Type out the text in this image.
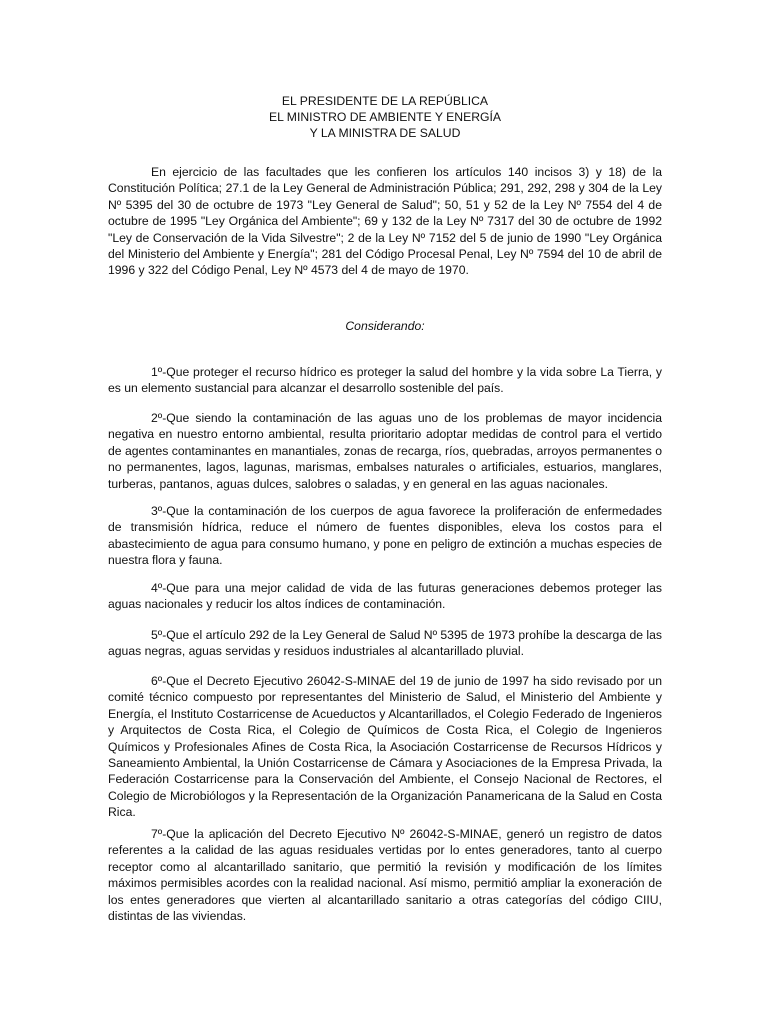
EL PRESIDENTE DE LA REPÚBLICA
EL MINISTRO DE AMBIENTE Y ENERGÍA
Y LA MINISTRA DE SALUD

En ejercicio de las facultades que les confieren los artículos 140 incisos 3) y 18) de la Constitución Política; 27.1 de la Ley General de Administración Pública; 291, 292, 298 y 304 de la Ley Nº 5395 del 30 de octubre de 1973 "Ley General de Salud"; 50, 51 y 52 de la Ley Nº 7554 del 4 de octubre de 1995 "Ley Orgánica del Ambiente"; 69 y 132 de la Ley Nº 7317 del 30 de octubre de 1992 "Ley de Conservación de la Vida Silvestre"; 2 de la Ley Nº 7152 del 5 de junio de 1990 "Ley Orgánica del Ministerio del Ambiente y Energía"; 281 del Código Procesal Penal, Ley Nº 7594 del 10 de abril de 1996 y 322 del Código Penal, Ley Nº 4573 del 4 de mayo de 1970.

Considerando:

1º-Que proteger el recurso hídrico es proteger la salud del hombre y la vida sobre La Tierra, y es un elemento sustancial para alcanzar el desarrollo sostenible del país.

2º-Que siendo la contaminación de las aguas uno de los problemas de mayor incidencia negativa en nuestro entorno ambiental, resulta prioritario adoptar medidas de control para el vertido de agentes contaminantes en manantiales, zonas de recarga, ríos, quebradas, arroyos permanentes o no permanentes, lagos, lagunas, marismas, embalses naturales o artificiales, estuarios, manglares, turberas, pantanos, aguas dulces, salobres o saladas, y en general en las aguas nacionales.

3º-Que la contaminación de los cuerpos de agua favorece la proliferación de enfermedades de transmisión hídrica, reduce el número de fuentes disponibles, eleva los costos para el abastecimiento de agua para consumo humano, y pone en peligro de extinción a muchas especies de nuestra flora y fauna.

4º-Que para una mejor calidad de vida de las futuras generaciones debemos proteger las aguas nacionales y reducir los altos índices de contaminación.

5º-Que el artículo 292 de la Ley General de Salud Nº 5395 de 1973 prohíbe la descarga de las aguas negras, aguas servidas y residuos industriales al alcantarillado pluvial.

6º-Que el Decreto Ejecutivo 26042-S-MINAE del 19 de junio de 1997 ha sido revisado por un comité técnico compuesto por representantes del Ministerio de Salud, el Ministerio del Ambiente y Energía, el Instituto Costarricense de Acueductos y Alcantarillados, el Colegio Federado de Ingenieros y Arquitectos de Costa Rica, el Colegio de Químicos de Costa Rica, el Colegio de Ingenieros Químicos y Profesionales Afines de Costa Rica, la Asociación Costarricense de Recursos Hídricos y Saneamiento Ambiental, la Unión Costarricense de Cámara y Asociaciones de la Empresa Privada, la Federación Costarricense para la Conservación del Ambiente, el Consejo Nacional de Rectores, el Colegio de Microbiólogos y la Representación de la Organización Panamericana de la Salud en Costa Rica.

7º-Que la aplicación del Decreto Ejecutivo Nº 26042-S-MINAE, generó un registro de datos referentes a la calidad de las aguas residuales vertidas por lo entes generadores, tanto al cuerpo receptor como al alcantarillado sanitario, que permitió la revisión y modificación de los límites máximos permisibles acordes con la realidad nacional. Así mismo, permitió ampliar la exoneración de los entes generadores que vierten al alcantarillado sanitario a otras categorías del código CIIU, distintas de las viviendas.
